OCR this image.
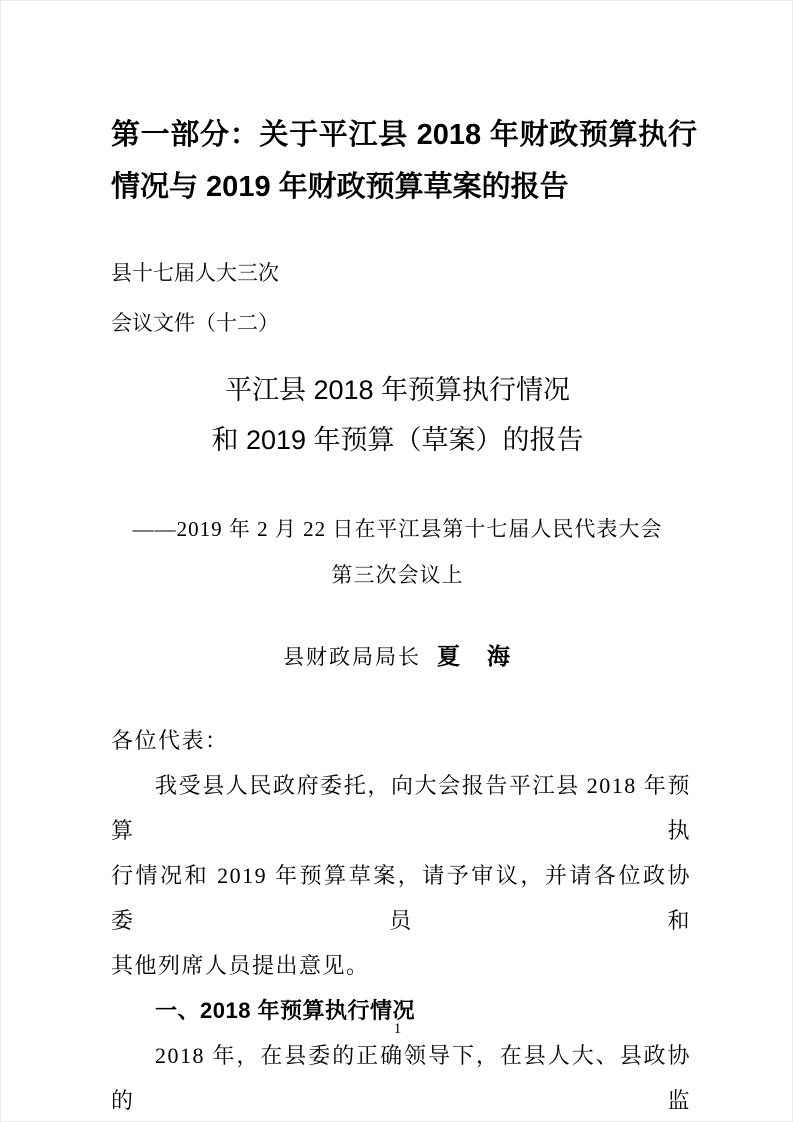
第一部分：关于平江县 2018 年财政预算执行
情况与 2019 年财政预算草案的报告
县十七届人大三次
会议文件（十二）
平江县 2018 年预算执行情况
和 2019 年预算（草案）的报告
——2019 年 2 月 22 日在平江县第十七届人民代表大会
第三次会议上
县财政局局长 夏　海
各位代表：
我受县人民政府委托，向大会报告平江县 2018 年预算执
行情况和 2019 年预算草案，请予审议，并请各位政协委员和
其他列席人员提出意见。
一、2018 年预算执行情况
2018 年，在县委的正确领导下，在县人大、县政协的监
1
